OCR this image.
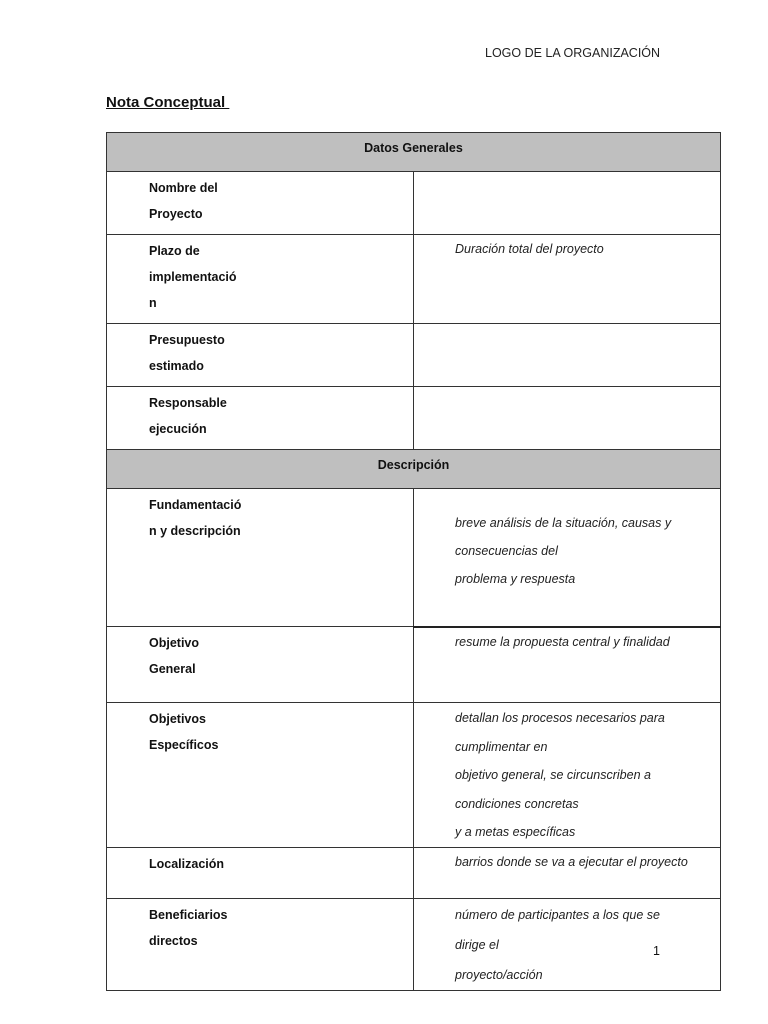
LOGO DE LA ORGANIZACIÓN
Nota Conceptual
Datos Generales	

Nombre del
Proyecto	

Plazo de
implementació
n	Duración total del proyecto

Presupuesto
estimado	

Responsable
ejecución	

Descripción	

Fundamentació
n y descripción	breve análisis de la situación, causas y consecuencias del
problema y respuesta

Objetivo
General	resume la propuesta central y finalidad

Objetivos
Específicos	detallan los procesos necesarios para cumplimentar en
objetivo general, se circunscriben a condiciones concretas
y a metas específicas

Localización	barrios donde se va a ejecutar el proyecto

Beneficiarios
directos	número de participantes a los que se dirige el
proyecto/acción
1
